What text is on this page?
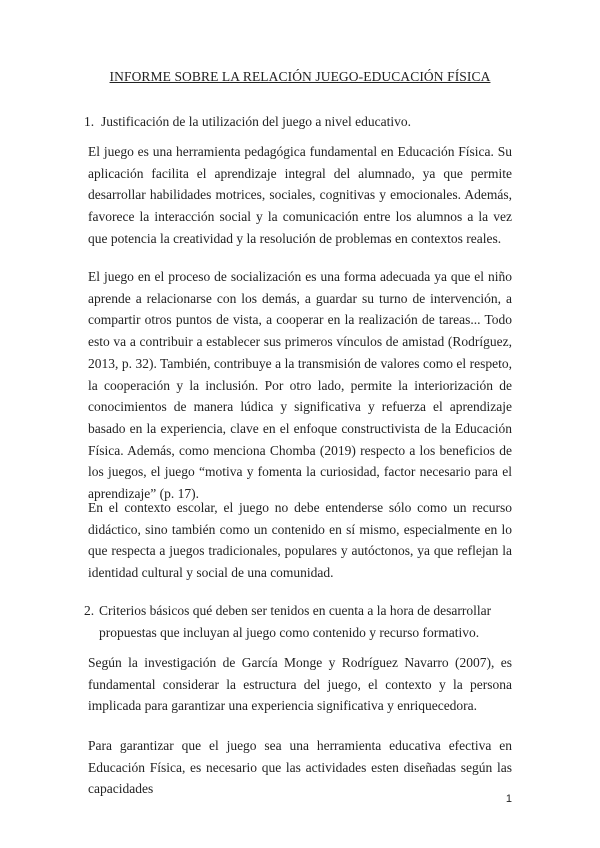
INFORME SOBRE LA RELACIÓN JUEGO-EDUCACIÓN FÍSICA
1. Justificación de la utilización del juego a nivel educativo.

El juego es una herramienta pedagógica fundamental en Educación Física. Su aplicación facilita el aprendizaje integral del alumnado, ya que permite desarrollar habilidades motrices, sociales, cognitivas y emocionales. Además, favorece la interacción social y la comunicación entre los alumnos a la vez que potencia la creatividad y la resolución de problemas en contextos reales.

El juego en el proceso de socialización es una forma adecuada ya que el niño aprende a relacionarse con los demás, a guardar su turno de intervención, a compartir otros puntos de vista, a cooperar en la realización de tareas... Todo esto va a contribuir a establecer sus primeros vínculos de amistad (Rodríguez, 2013, p. 32). También, contribuye a la transmisión de valores como el respeto, la cooperación y la inclusión. Por otro lado, permite la interiorización de conocimientos de manera lúdica y significativa y refuerza el aprendizaje basado en la experiencia, clave en el enfoque constructivista de la Educación Física. Además, como menciona Chomba (2019) respecto a los beneficios de los juegos, el juego “motiva y fomenta la curiosidad, factor necesario para el aprendizaje” (p. 17).

En el contexto escolar, el juego no debe entenderse sólo como un recurso didáctico, sino también como un contenido en sí mismo, especialmente en lo que respecta a juegos tradicionales, populares y autóctonos, ya que reflejan la identidad cultural y social de una comunidad.

2. Criterios básicos qué deben ser tenidos en cuenta a la hora de desarrollar propuestas que incluyan al juego como contenido y recurso formativo.

Según la investigación de García Monge y Rodríguez Navarro (2007), es fundamental considerar la estructura del juego, el contexto y la persona implicada para garantizar una experiencia significativa y enriquecedora.

Para garantizar que el juego sea una herramienta educativa efectiva en Educación Física, es necesario que las actividades esten diseñadas según las capacidades

1
